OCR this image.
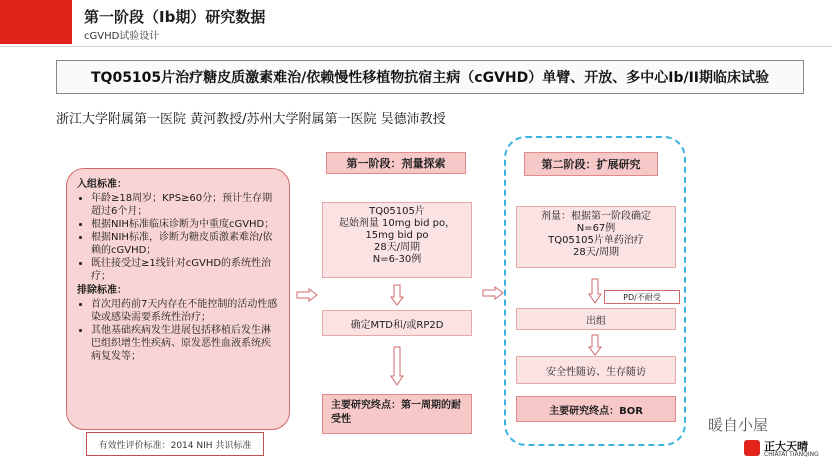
第一阶段（Ib期）研究数据
cGVHD试验设计
TQ05105片治疗糖皮质激素难治/依赖慢性移植物抗宿主病（cGVHD）单臂、开放、多中心Ib/II期临床试验
浙江大学附属第一医院 黄河教授/苏州大学附属第一医院 吴德沛教授
入组标准：
• 年龄≥18周岁；KPS≥60分；预计生存期超过6个月；
• 根据NIH标准临床诊断为中重度cGVHD；
• 根据NIH标准，诊断为糖皮质激素难治/依赖的cGVHD；
• 既往接受过≥1线针对cGVHD的系统性治疗；
排除标准：
• 首次用药前7天内存在不能控制的活动性感染或感染需要系统性治疗；
• 其他基础疾病发生进展包括移植后发生淋巴组织增生性疾病、原发恶性血液系统疾病复发等；
有效性评价标准：2014 NIH 共识标准
第一阶段：剂量探索
TQ05105片
起始剂量 10mg bid po，
15mg bid po
28天/周期
N=6-30例
确定MTD和/或RP2D
主要研究终点：第一周期的耐受性
第二阶段：扩展研究
剂量：根据第一阶段确定
N=67例
TQ05105片单药治疗
28天/周期
PD/不耐受
出组
安全性随访、生存随访
主要研究终点：BOR
暖自小屋
正大天晴
CHIATAI TIANQING
